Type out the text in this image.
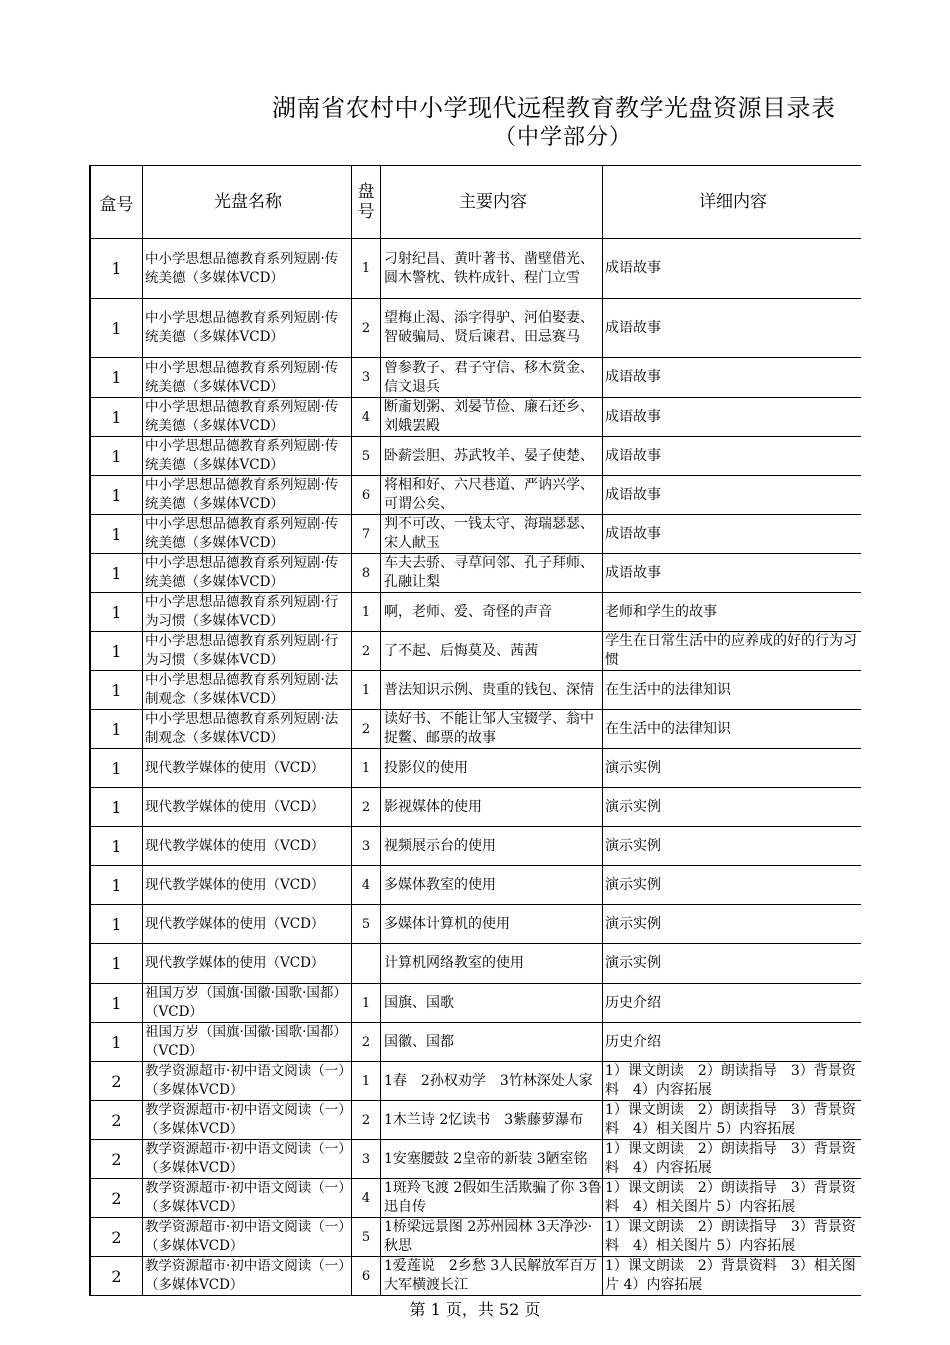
湖南省农村中小学现代远程教育教学光盘资源目录表
（中学部分）
盒号	光盘名称	盘号	主要内容	详细内容

1	中小学思想品德教育系列短剧·传统美德（多媒体VCD）	1	刁射纪昌、黄叶著书、凿壁借光、圆木警枕、铁杵成针、程门立雪	成语故事

1	中小学思想品德教育系列短剧·传统美德（多媒体VCD）	2	望梅止渴、添字得驴、河伯娶妻、智破骗局、贤后谏君、田忌赛马	成语故事

1	中小学思想品德教育系列短剧·传统美德（多媒体VCD）	3	曾参教子、君子守信、移木赏金、信文退兵	成语故事

1	中小学思想品德教育系列短剧·传统美德（多媒体VCD）	4	断齑划粥、刘晏节俭、廉石还乡、刘娥罢殿	成语故事

1	中小学思想品德教育系列短剧·传统美德（多媒体VCD）	5	卧薪尝胆、苏武牧羊、晏子使楚、	成语故事

1	中小学思想品德教育系列短剧·传统美德（多媒体VCD）	6	将相和好、六尺巷道、严讷兴学、可谓公矣、	成语故事

1	中小学思想品德教育系列短剧·传统美德（多媒体VCD）	7	判不可改、一钱太守、海瑞瑟瑟、宋人献玉	成语故事

1	中小学思想品德教育系列短剧·传统美德（多媒体VCD）	8	车夫去骄、寻草问邻、孔子拜师、孔融让梨	成语故事

1	中小学思想品德教育系列短剧·行为习惯（多媒体VCD）	1	啊，老师、爱、奇怪的声音	老师和学生的故事

1	中小学思想品德教育系列短剧·行为习惯（多媒体VCD）	2	了不起、后悔莫及、茜茜	学生在日常生活中的应养成的好的行为习惯

1	中小学思想品德教育系列短剧·法制观念（多媒体VCD）	1	普法知识示例、贵重的钱包、深情	在生活中的法律知识

1	中小学思想品德教育系列短剧·法制观念（多媒体VCD）	2	读好书、不能让邹人宝辍学、翁中捉鳖、邮票的故事	在生活中的法律知识

1	现代教学媒体的使用（VCD）	1	投影仪的使用	演示实例

1	现代教学媒体的使用（VCD）	2	影视媒体的使用	演示实例

1	现代教学媒体的使用（VCD）	3	视频展示台的使用	演示实例

1	现代教学媒体的使用（VCD）	4	多媒体教室的使用	演示实例

1	现代教学媒体的使用（VCD）	5	多媒体计算机的使用	演示实例

1	现代教学媒体的使用（VCD）		计算机网络教室的使用	演示实例

1	祖国万岁（国旗·国徽·国歌·国都）（VCD）	1	国旗、国歌	历史介绍

1	祖国万岁（国旗·国徽·国歌·国都）（VCD）	2	国徽、国都	历史介绍

2	教学资源超市·初中语文阅读（一）（多媒体VCD）	1	1春　2孙权劝学　3竹林深处人家	1）课文朗读　2）朗读指导　3）背景资料　4）内容拓展

2	教学资源超市·初中语文阅读（一）（多媒体VCD）	2	1木兰诗 2忆读书　3紫藤萝瀑布	1）课文朗读　2）朗读指导　3）背景资料　4）相关图片 5）内容拓展

2	教学资源超市·初中语文阅读（一）（多媒体VCD）	3	1安塞腰鼓 2皇帝的新装 3陋室铭	1）课文朗读　2）朗读指导　3）背景资料　4）内容拓展

2	教学资源超市·初中语文阅读（一）（多媒体VCD）	4	1斑羚飞渡 2假如生活欺骗了你 3鲁迅自传	1）课文朗读　2）朗读指导　3）背景资料　4）相关图片 5）内容拓展

2	教学资源超市·初中语文阅读（一）（多媒体VCD）	5	1桥梁远景图 2苏州园林 3天净沙·秋思	1）课文朗读　2）朗读指导　3）背景资料　4）相关图片 5）内容拓展

2	教学资源超市·初中语文阅读（一）（多媒体VCD）	6	1爱莲说　2乡愁 3人民解放军百万大军横渡长江	1）课文朗读　2）背景资料　3）相关图片 4）内容拓展
第 1 页，共 52 页
